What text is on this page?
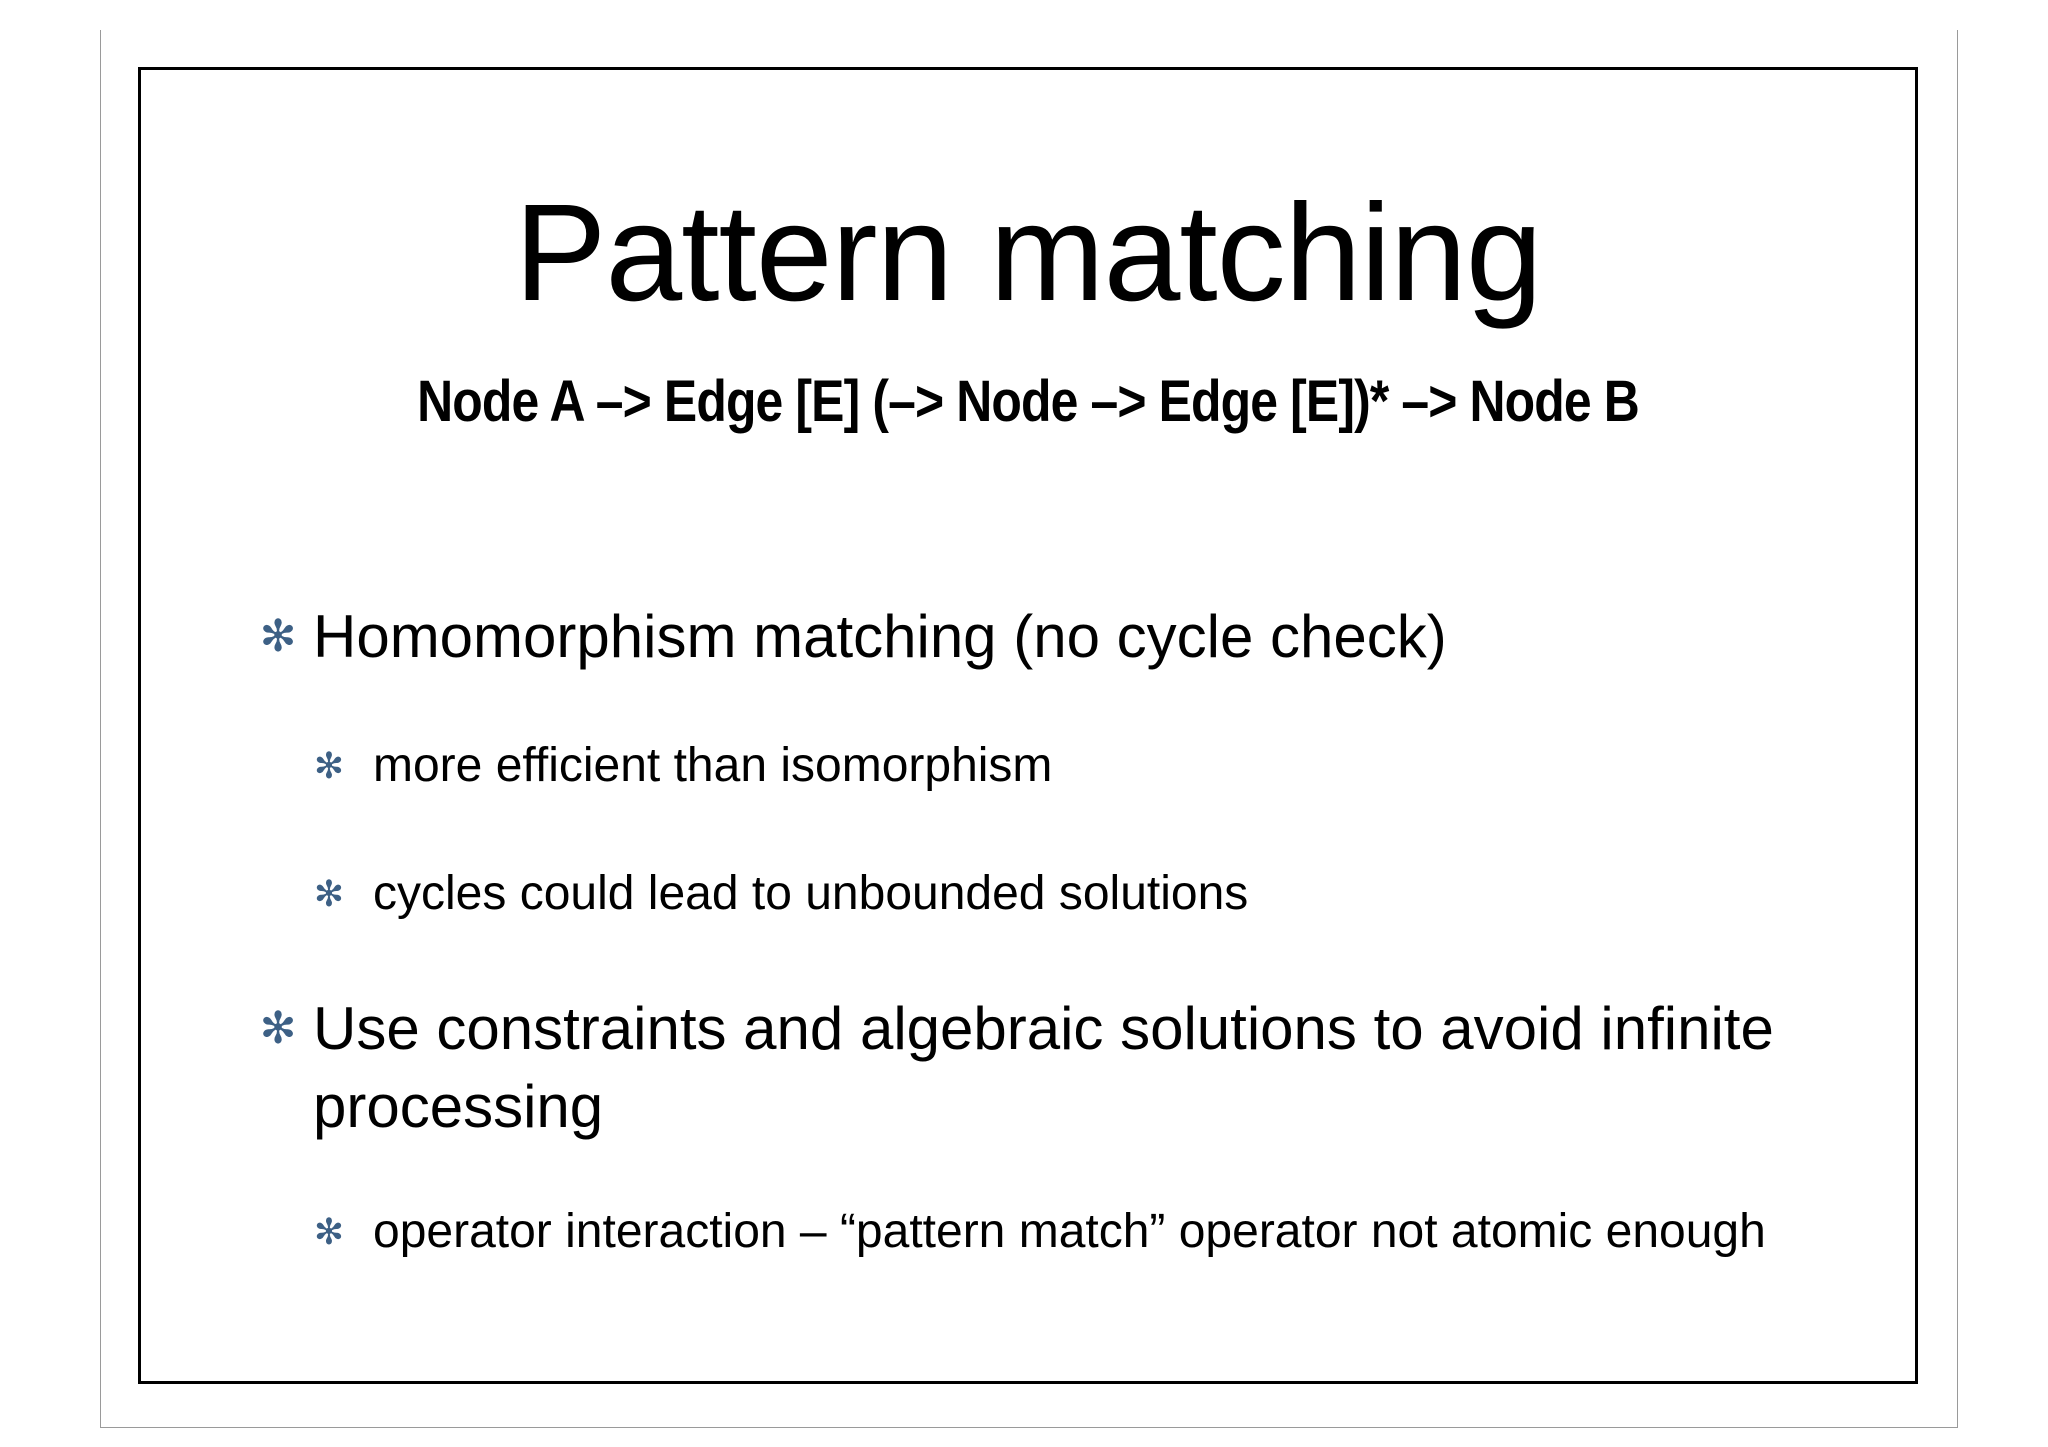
Pattern matching
Node A –> Edge [E] (–> Node –> Edge [E])* –> Node B
✻ Homomorphism matching (no cycle check)
✻ more efficient than isomorphism
✻ cycles could lead to unbounded solutions
✻ Use constraints and algebraic solutions to avoid infinite processing
✻ operator interaction – “pattern match” operator not atomic enough
